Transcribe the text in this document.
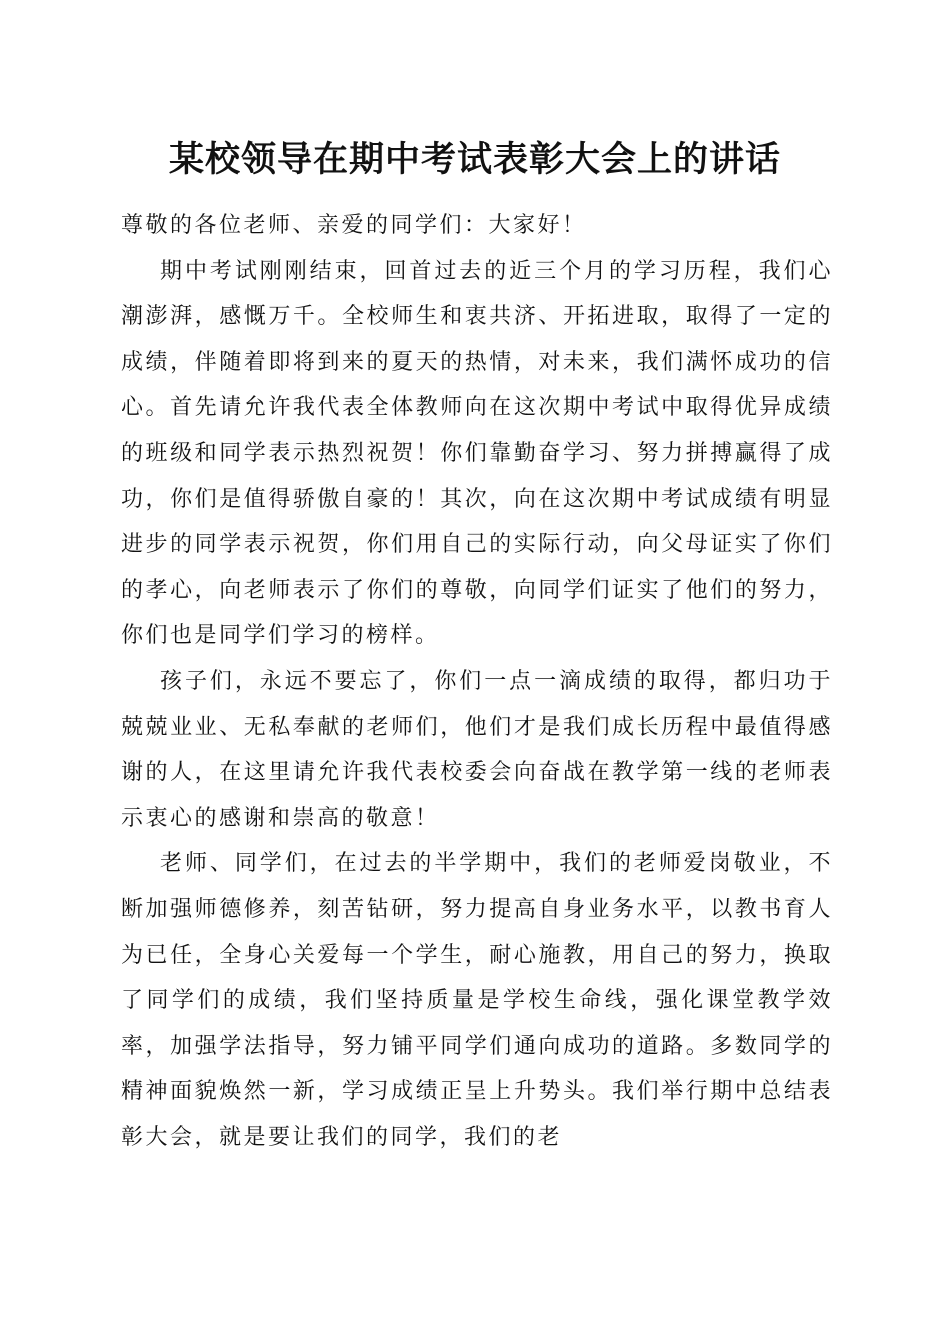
某校领导在期中考试表彰大会上的讲话

尊敬的各位老师、亲爱的同学们：大家好！

期中考试刚刚结束，回首过去的近三个月的学习历程，我们心潮澎湃，感慨万千。全校师生和衷共济、开拓进取，取得了一定的成绩，伴随着即将到来的夏天的热情，对未来，我们满怀成功的信心。首先请允许我代表全体教师向在这次期中考试中取得优异成绩的班级和同学表示热烈祝贺！你们靠勤奋学习、努力拼搏赢得了成功，你们是值得骄傲自豪的！其次，向在这次期中考试成绩有明显进步的同学表示祝贺，你们用自己的实际行动，向父母证实了你们的孝心，向老师表示了你们的尊敬，向同学们证实了他们的努力，你们也是同学们学习的榜样。

孩子们，永远不要忘了，你们一点一滴成绩的取得，都归功于兢兢业业、无私奉献的老师们，他们才是我们成长历程中最值得感谢的人，在这里请允许我代表校委会向奋战在教学第一线的老师表示衷心的感谢和崇高的敬意！

老师、同学们，在过去的半学期中，我们的老师爱岗敬业，不断加强师德修养，刻苦钻研，努力提高自身业务水平，以教书育人为已任，全身心关爱每一个学生，耐心施教，用自己的努力，换取了同学们的成绩，我们坚持质量是学校生命线，强化课堂教学效率，加强学法指导，努力铺平同学们通向成功的道路。多数同学的精神面貌焕然一新，学习成绩正呈上升势头。我们举行期中总结表彰大会，就是要让我们的同学，我们的老
